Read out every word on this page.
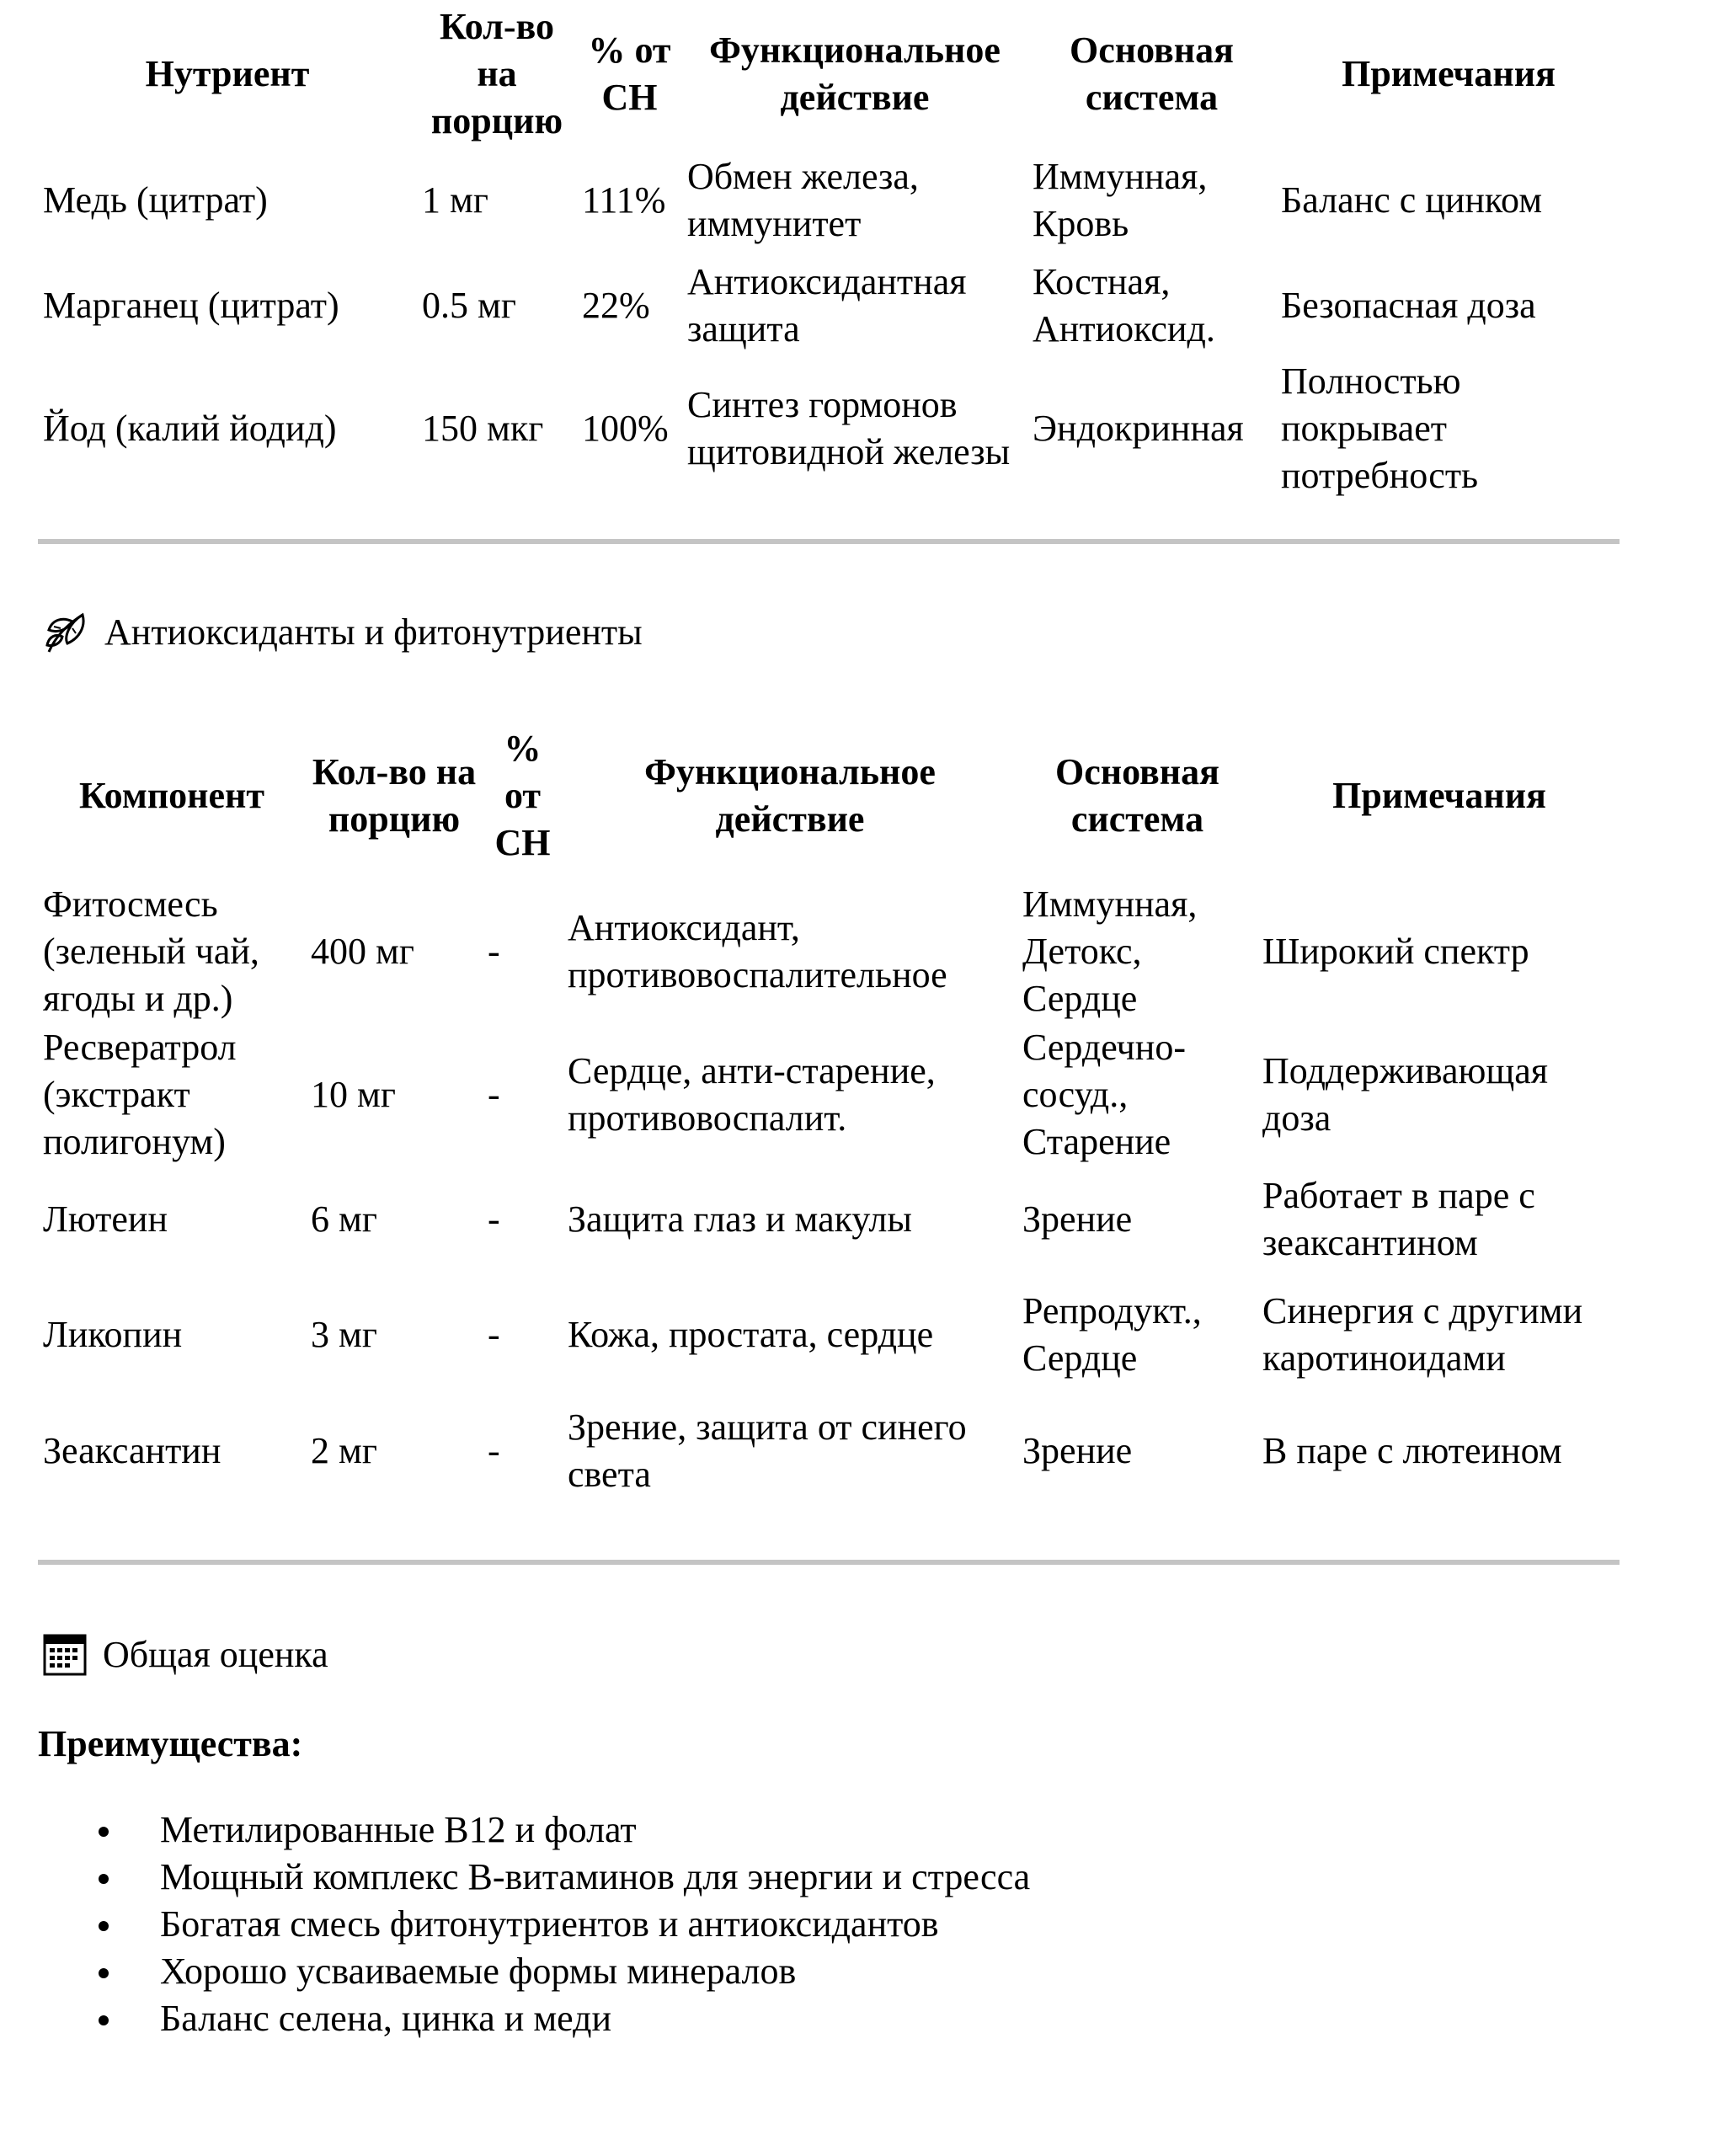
Нутриент	Кол-во на порцию	% от СН	Функциональное действие	Основная система	Примечания
Медь (цитрат)	1 мг	111%	Обмен железа, иммунитет	Иммунная, Кровь	Баланс с цинком
Марганец (цитрат)	0.5 мг	22%	Антиоксидантная защита	Костная, Антиоксид.	Безопасная доза
Йод (калий йодид)	150 мкг	100%	Синтез гормонов щитовидной железы	Эндокринная	Полностью покрывает потребность
Антиоксиданты и фитонутриенты
Компонент	Кол-во на порцию	% от СН	Функциональное действие	Основная система	Примечания
Фитосмесь (зеленый чай, ягоды и др.)	400 мг	-	Антиоксидант, противовоспалительное	Иммунная, Детокс, Сердце	Широкий спектр
Ресвератрол (экстракт полигонум)	10 мг	-	Сердце, анти-старение, противовоспалит.	Сердечно-сосуд., Старение	Поддерживающая доза
Лютеин	6 мг	-	Защита глаз и макулы	Зрение	Работает в паре с зеаксантином
Ликопин	3 мг	-	Кожа, простата, сердце	Репродукт., Сердце	Синергия с другими каротиноидами
Зеаксантин	2 мг	-	Зрение, защита от синего света	Зрение	В паре с лютеином
Общая оценка
Преимущества:
Метилированные B12 и фолат
Мощный комплекс B-витаминов для энергии и стресса
Богатая смесь фитонутриентов и антиоксидантов
Хорошо усваиваемые формы минералов
Баланс селена, цинка и меди
